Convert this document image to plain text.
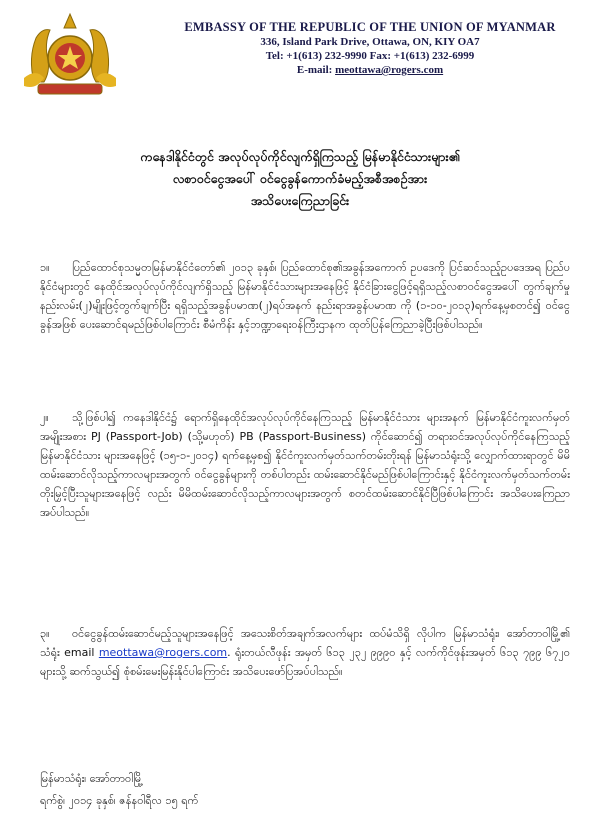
EMBASSY OF THE REPUBLIC OF THE UNION OF MYANMAR
336, Island Park Drive, Ottawa, ON, KIY OA7
Tel: +1(613) 232-9990 Fax: +1(613) 232-6999
E-mail: meottawa@rogers.com
ကနေဒါနိုင်ငံတွင် အလုပ်လုပ်ကိုင်လျက်ရှိကြသည့် မြန်မာနိုင်ငံသားများ၏
လစာဝင်ငွေအပေါ် ဝင်ငွေခွန်ကောက်ခံမည့်အစီအစဉ်အား
အသိပေးကြေညာခြင်း
၁။ ပြည်ထောင်စုသမ္မတမြန်မာနိုင်ငံတော်၏ ၂၀၁၃ ခုနှစ်၊ ပြည်ထောင်စု၏အခွန်အကောက် ဥပဒေကို ပြင်ဆင်သည့်ဥပဒေအရ ပြည်ပနိုင်ငံများတွင် နေထိုင်အလုပ်လုပ်ကိုင်လျက်ရှိသည့် မြန်မာနိုင်ငံသားများအနေဖြင့် နိုင်ငံခြားငွေဖြင့်ရရှိသည့်လစာဝင်ငွေအပေါ် တွက်ချက်မှု နည်းလမ်း(၂)မျိုးဖြင့်တွက်ချက်ပြီး ရရှိသည့်အခွန်ပမာဏ(၂)ရပ်အနက် နည်းရာအခွန်ပမာဏ ကို (၁-၁၀-၂၀၁၃)ရက်နေ့မှစတင်၍ ဝင်ငွေခွန်အဖြစ် ပေးဆောင်ရမည်ဖြစ်ပါကြောင်း စီမံကိန်း နှင့်ဘဏ္ဍာရေးဝန်ကြီးဌာနက ထုတ်ပြန်ကြေညာခဲ့ပြီးဖြစ်ပါသည်။
၂။ သို့ဖြစ်ပါ၍ ကနေဒါနိုင်ငံ၌ ရောက်ရှိနေထိုင်အလုပ်လုပ်ကိုင်နေကြသည့် မြန်မာနိုင်ငံသား များအနက် မြန်မာနိုင်ငံကူးလက်မှတ်အမျိုးအစား PJ (Passport-Job) (သို့မဟုတ်) PB (Passport-Business) ကိုင်ဆောင်၍ တရားဝင်အလုပ်လုပ်ကိုင်နေကြသည့် မြန်မာနိုင်ငံသား များအနေဖြင့် (၁၅-၁-၂၀၁၄) ရက်နေ့မှစ၍ နိုင်ငံကူးလက်မှတ်သက်တမ်းတိုးရန် မြန်မာသံရုံးသို့ လျှောက်ထားရာတွင် မိမိထမ်းဆောင်လိုသည့်ကာလများအတွက် ဝင်ငွေခွန်များကို တစ်ပါတည်း ထမ်းဆောင်နိုင်မည်ဖြစ်ပါကြောင်းနှင့် နိုင်ငံကူးလက်မှတ်သက်တမ်းတိုးမြှင့်ပြီးသူများအနေဖြင့် လည်း မိမိထမ်းဆောင်လိုသည့်ကာလများအတွက် စတင်ထမ်းဆောင်နိုင်ပြီဖြစ်ပါကြောင်း အသိပေးကြေညာအပ်ပါသည်။
၃။ ဝင်ငွေခွန်ထမ်းဆောင်မည့်သူများအနေဖြင့် အသေးစိတ်အချက်အလက်များ ထပ်မံသိရှိ လိုပါက မြန်မာသံရုံး၊ အော်တာဝါမြို့၏ သံရုံး email meottawa@rogers.com. ရုံးတယ်လီဖုန်း အမှတ် ၆၁၃ ၂၃၂ ၉၉၉၀ နှင့် လက်ကိုင်ဖုန်းအမှတ် ၆၁၃ ၇၉၉ ၆၇၂၀ များသို့ ဆက်သွယ်၍ စုံစမ်းမေးမြန်းနိုင်ပါကြောင်း အသိပေးဖော်ပြအပ်ပါသည်။
မြန်မာသံရုံး၊ အော်တာဝါမြို့
ရက်စွဲ၊ ၂၀၁၄ ခုနှစ်၊ ဇန်နဝါရီလ ၁၅ ရက်
